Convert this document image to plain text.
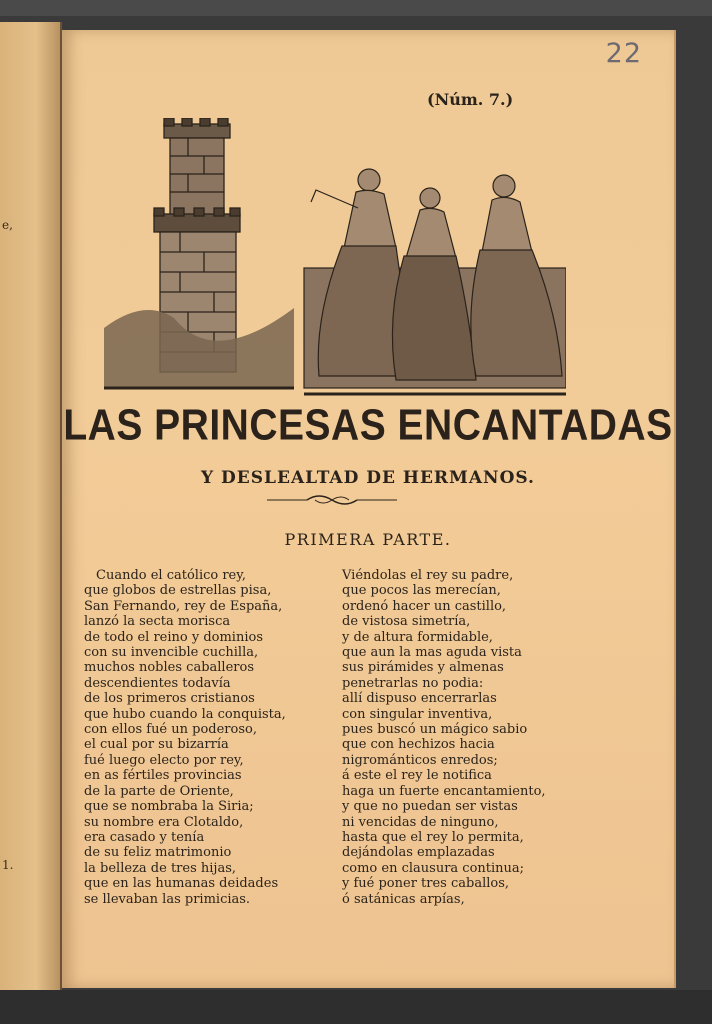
e,
1.
22
(Núm. 7.)
LAS PRINCESAS ENCANTADAS
Y DESLEALTAD DE HERMANOS.
PRIMERA PARTE.
Cuando el católico rey,
que globos de estrellas pisa,
San Fernando, rey de España,
lanzó la secta morisca
de todo el reino y dominios
con su invencible cuchilla,
muchos nobles caballeros
descendientes todavía
de los primeros cristianos
que hubo cuando la conquista,
con ellos fué un poderoso,
el cual por su bizarría
fué luego electo por rey,
en as fértiles provincias
de la parte de Oriente,
que se nombraba la Siria;
su nombre era Clotaldo,
era casado y tenía
de su feliz matrimonio
la belleza de tres hijas,
que en las humanas deidades
se llevaban las primicias.
Viéndolas el rey su padre,
que pocos las merecían,
ordenó hacer un castillo,
de vistosa simetría,
y de altura formidable,
que aun la mas aguda vista
sus pirámides y almenas
penetrarlas no podia:
allí dispuso encerrarlas
con singular inventiva,
pues buscó un mágico sabio
que con hechizos hacia
nigrománticos enredos;
á este el rey le notifica
haga un fuerte encantamiento,
y que no puedan ser vistas
ni vencidas de ninguno,
hasta que el rey lo permita,
dejándolas emplazadas
como en clausura continua;
y fué poner tres caballos,
ó satánicas arpías,
